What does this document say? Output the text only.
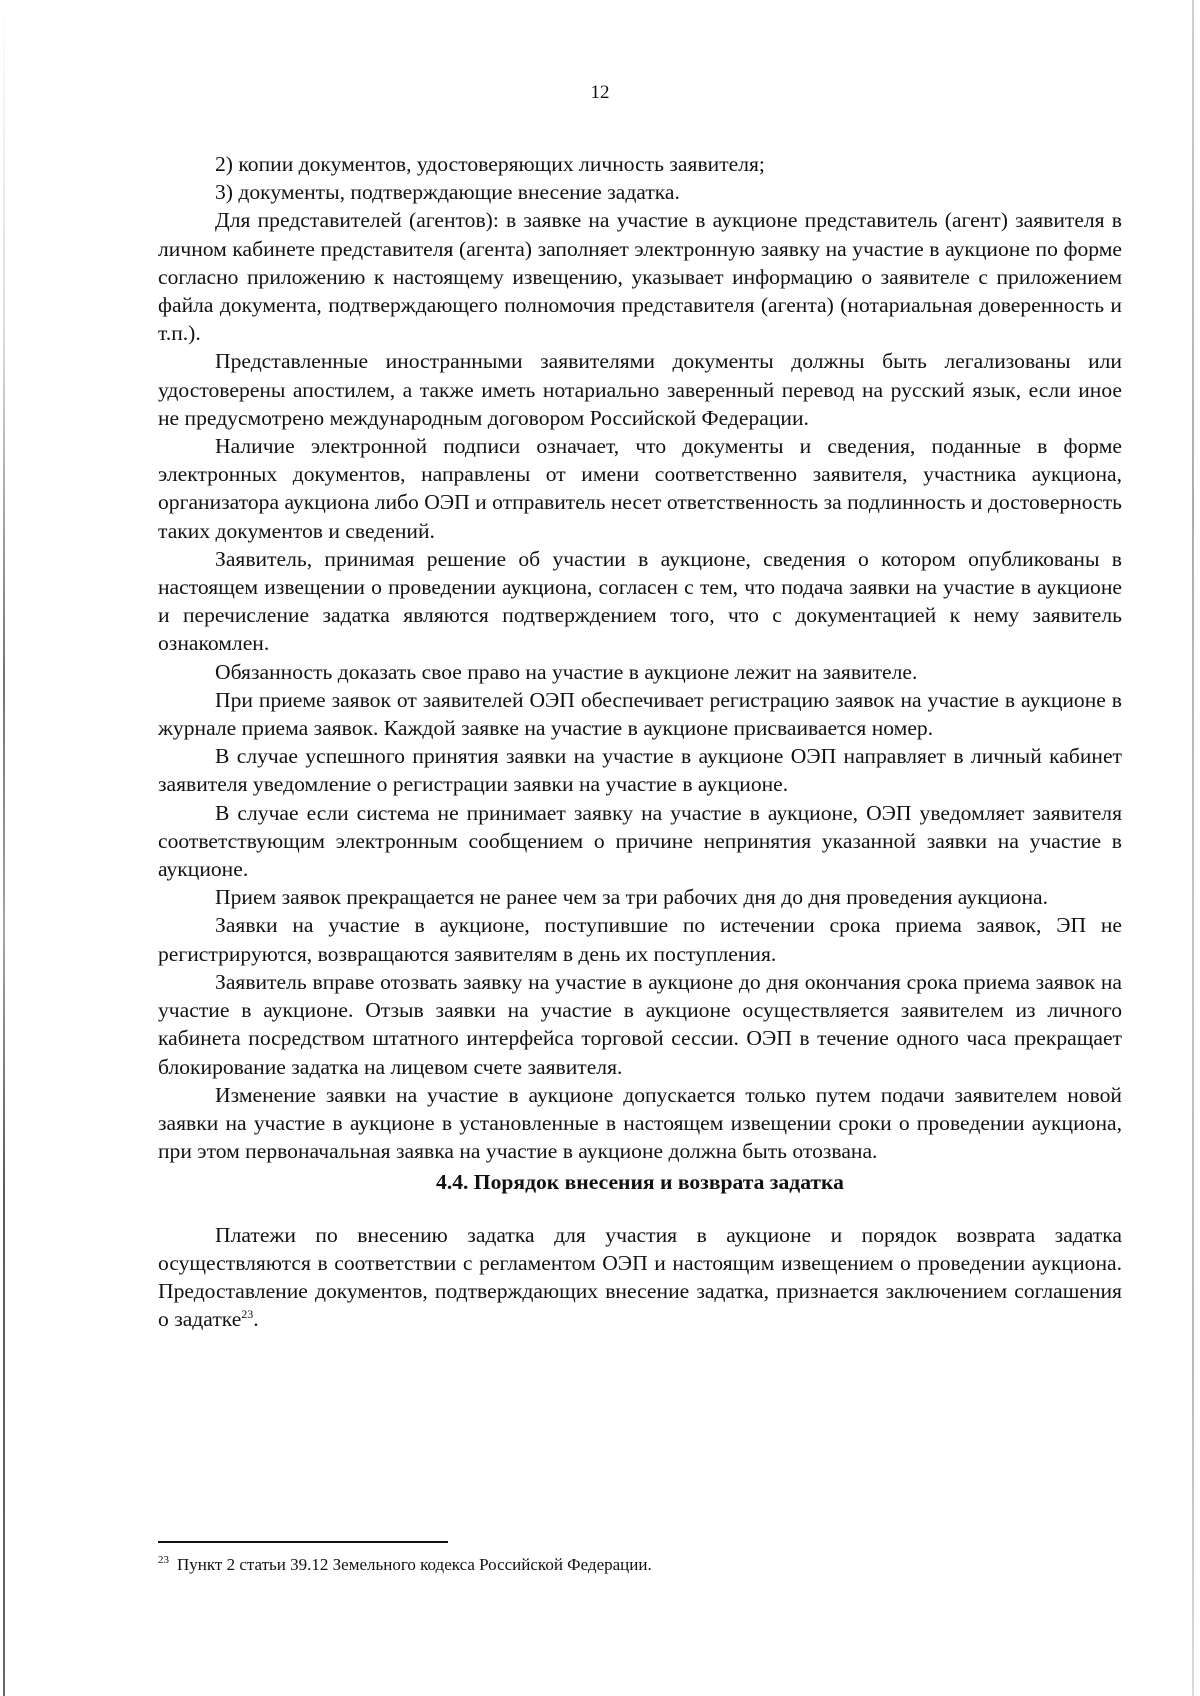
12

2) копии документов, удостоверяющих личность заявителя;

3) документы, подтверждающие внесение задатка.

Для представителей (агентов): в заявке на участие в аукционе представитель (агент) заявителя в личном кабинете представителя (агента) заполняет электронную заявку на участие в аукционе по форме согласно приложению к настоящему извещению, указывает информацию о заявителе с приложением файла документа, подтверждающего полномочия представителя (агента) (нотариальная доверенность и т.п.).

Представленные иностранными заявителями документы должны быть легализованы или удостоверены апостилем, а также иметь нотариально заверенный перевод на русский язык, если иное не предусмотрено международным договором Российской Федерации.

Наличие электронной подписи означает, что документы и сведения, поданные в форме электронных документов, направлены от имени соответственно заявителя, участника аукциона, организатора аукциона либо ОЭП и отправитель несет ответственность за подлинность и достоверность таких документов и сведений.

Заявитель, принимая решение об участии в аукционе, сведения о котором опубликованы в настоящем извещении о проведении аукциона, согласен с тем, что подача заявки на участие в аукционе и перечисление задатка являются подтверждением того, что с документацией к нему заявитель ознакомлен.

Обязанность доказать свое право на участие в аукционе лежит на заявителе.

При приеме заявок от заявителей ОЭП обеспечивает регистрацию заявок на участие в аукционе в журнале приема заявок. Каждой заявке на участие в аукционе присваивается номер.

В случае успешного принятия заявки на участие в аукционе ОЭП направляет в личный кабинет заявителя уведомление о регистрации заявки на участие в аукционе.

В случае если система не принимает заявку на участие в аукционе, ОЭП уведомляет заявителя соответствующим электронным сообщением о причине непринятия указанной заявки на участие в аукционе.

Прием заявок прекращается не ранее чем за три рабочих дня до дня проведения аукциона.

Заявки на участие в аукционе, поступившие по истечении срока приема заявок, ЭП не регистрируются, возвращаются заявителям в день их поступления.

Заявитель вправе отозвать заявку на участие в аукционе до дня окончания срока приема заявок на участие в аукционе. Отзыв заявки на участие в аукционе осуществляется заявителем из личного кабинета посредством штатного интерфейса торговой сессии. ОЭП в течение одного часа прекращает блокирование задатка на лицевом счете заявителя.

Изменение заявки на участие в аукционе допускается только путем подачи заявителем новой заявки на участие в аукционе в установленные в настоящем извещении сроки о проведении аукциона, при этом первоначальная заявка на участие в аукционе должна быть отозвана.

4.4. Порядок внесения и возврата задатка

Платежи по внесению задатка для участия в аукционе и порядок возврата задатка осуществляются в соответствии с регламентом ОЭП и настоящим извещением о проведении аукциона. Предоставление документов, подтверждающих внесение задатка, признается заключением соглашения о задатке$^{23}$.

$^{23}$ Пункт 2 статьи 39.12 Земельного кодекса Российской Федерации.
